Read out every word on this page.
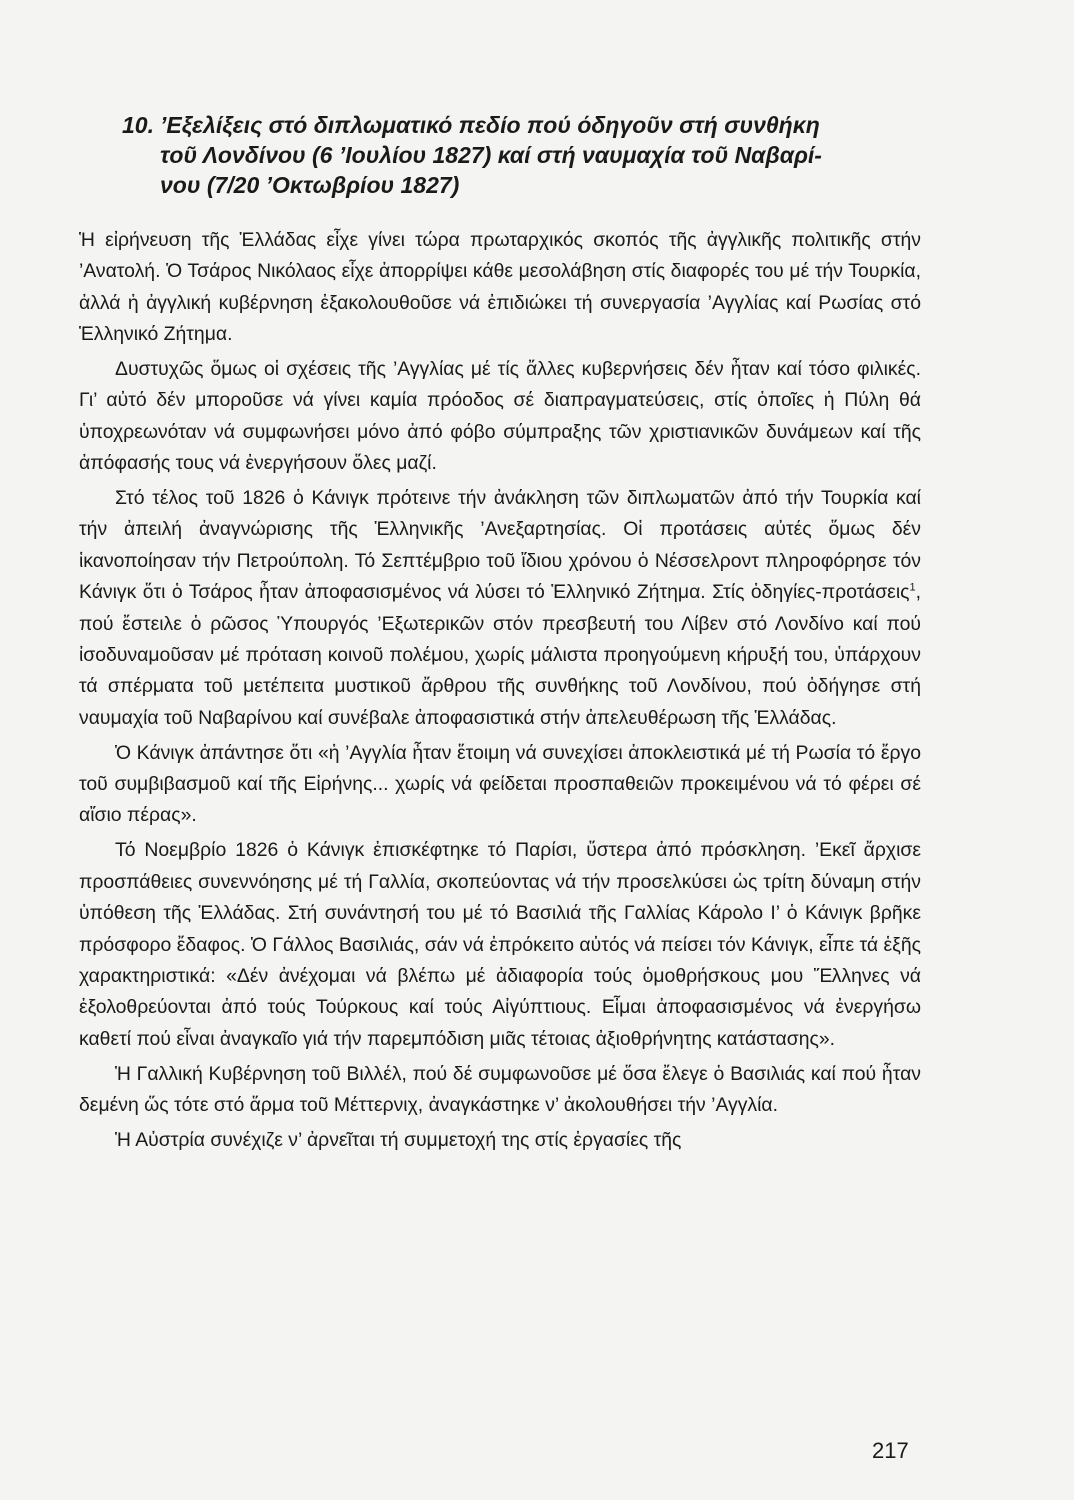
10. ’Εξελίξεις στό διπλωματικό πεδίο πού όδηγοῦν στή συνθήκη
τοῦ Λονδίνου (6 ’Ιουλίου 1827) καί στή ναυμαχία τοῦ Ναβαρί-
νου (7/20 ’Οκτωβρίου 1827)

Ἡ εἰρήνευση τῆς Ἑλλάδας εἶχε γίνει τώρα πρωταρχικός σκοπός τῆς ἀγγλικῆς πολιτικῆς στήν ’Ανατολή. Ὁ Τσάρος Νικόλαος εἶχε ἀπορρίψει κάθε μεσολάβηση στίς διαφορές του μέ τήν Τουρκία, ἀλλά ἡ ἀγγλική κυβέρνηση ἐξακολουθοῦσε νά ἐπιδιώκει τή συνεργασία ’Αγγλίας καί Ρωσίας στό Ἑλληνικό Ζήτημα.

Δυστυχῶς ὅμως οἱ σχέσεις τῆς ’Αγγλίας μέ τίς ἄλλες κυβερνήσεις δέν ἦταν καί τόσο φιλικές. Γι’ αὐτό δέν μποροῦσε νά γίνει καμία πρόοδος σέ διαπραγματεύσεις, στίς ὁποῖες ἡ Πύλη θά ὑποχρεωνόταν νά συμφωνήσει μόνο ἀπό φόβο σύμπραξης τῶν χριστιανικῶν δυνάμεων καί τῆς ἀπόφασής τους νά ἐνεργήσουν ὅλες μαζί.

Στό τέλος τοῦ 1826 ὁ Κάνιγκ πρότεινε τήν ἀνάκληση τῶν διπλωματῶν ἀπό τήν Τουρκία καί τήν ἀπειλή ἀναγνώρισης τῆς Ἑλληνικῆς ’Ανεξαρτησίας. Οἱ προτάσεις αὐτές ὅμως δέν ἱκανοποίησαν τήν Πετρούπολη. Τό Σεπτέμβριο τοῦ ἴδιου χρόνου ὁ Νέσσελροντ πληροφόρησε τόν Κάνιγκ ὅτι ὁ Τσάρος ἦταν ἀποφασισμένος νά λύσει τό Ἑλληνικό Ζήτημα. Στίς ὁδηγίες-προτάσεις$^1$, πού ἔστειλε ὁ ρῶσος Ὑπουργός ’Εξωτερικῶν στόν πρεσβευτή του Λίβεν στό Λονδίνο καί πού ἰσοδυναμοῦσαν μέ πρόταση κοινοῦ πολέμου, χωρίς μάλιστα προηγούμενη κήρυξή του, ὑπάρχουν τά σπέρματα τοῦ μετέπειτα μυστικοῦ ἄρθρου τῆς συνθήκης τοῦ Λονδίνου, πού ὁδήγησε στή ναυμαχία τοῦ Ναβαρίνου καί συνέβαλε ἀποφασιστικά στήν ἀπελευθέρωση τῆς Ἑλλάδας.

Ὁ Κάνιγκ ἀπάντησε ὅτι «ἡ ’Αγγλία ἦταν ἕτοιμη νά συνεχίσει ἀποκλειστικά μέ τή Ρωσία τό ἔργο τοῦ συμβιβασμοῦ καί τῆς Εἰρήνης... χωρίς νά φείδεται προσπαθειῶν προκειμένου νά τό φέρει σέ αἴσιο πέρας».

Τό Νοεμβρίο 1826 ὁ Κάνιγκ ἐπισκέφτηκε τό Παρίσι, ὕστερα ἀπό πρόσκληση. ’Εκεῖ ἄρχισε προσπάθειες συνεννόησης μέ τή Γαλλία, σκοπεύοντας νά τήν προσελκύσει ὡς τρίτη δύναμη στήν ὑπόθεση τῆς Ἑλλάδας. Στή συνάντησή του μέ τό Βασιλιά τῆς Γαλλίας Κάρολο Ι’ ὁ Κάνιγκ βρῆκε πρόσφορο ἔδαφος. Ὁ Γάλλος Βασιλιάς, σάν νά ἐπρόκειτο αὐτός νά πείσει τόν Κάνιγκ, εἶπε τά ἑξῆς χαρακτηριστικά: «Δέν ἀνέχομαι νά βλέπω μέ ἀδιαφορία τούς ὁμοθρήσκους μου Ἕλληνες νά ἐξολοθρεύονται ἀπό τούς Τούρκους καί τούς Αἰγύπτιους. Εἶμαι ἀποφασισμένος νά ἐνεργήσω καθετί πού εἶναι ἀναγκαῖο γιά τήν παρεμπόδιση μιᾶς τέτοιας ἀξιοθρήνητης κατάστασης».

Ἡ Γαλλική Κυβέρνηση τοῦ Βιλλέλ, πού δέ συμφωνοῦσε μέ ὅσα ἔλεγε ὁ Βασιλιάς καί πού ἦταν δεμένη ὥς τότε στό ἅρμα τοῦ Μέττερνιχ, ἀναγκάστηκε ν’ ἀκολουθήσει τήν ’Αγγλία.

Ἡ Αὐστρία συνέχιζε ν’ ἀρνεῖται τή συμμετοχή της στίς ἐργασίες τῆς

217
